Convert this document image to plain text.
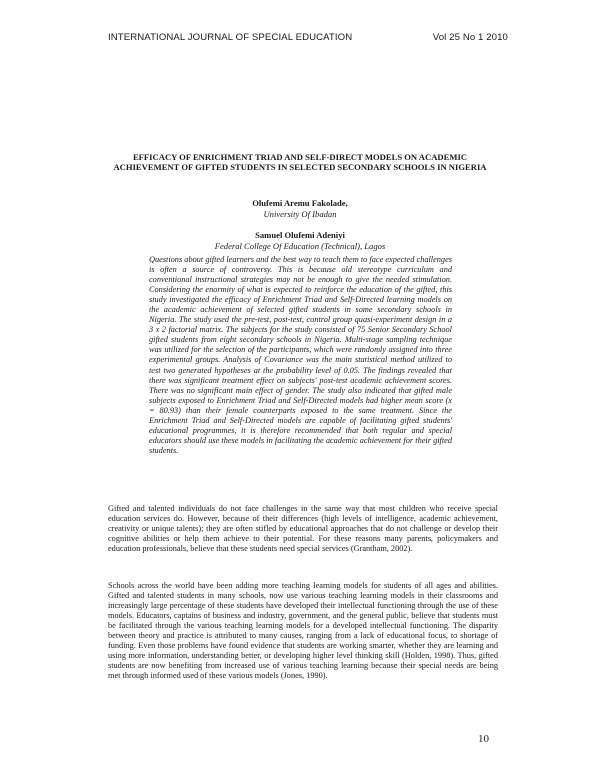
INTERNATIONAL JOURNAL OF SPECIAL EDUCATION	Vol 25 No 1 2010
EFFICACY OF ENRICHMENT TRIAD AND SELF-DIRECT MODELS ON ACADEMIC ACHIEVEMENT OF GIFTED STUDENTS IN SELECTED SECONDARY SCHOOLS IN NIGERIA
Olufemi Aremu Fakolade,
University Of Ibadan
Samuel Olufemi Adeniyi
Federal College Of Education (Technical), Lagos
Questions about gifted learners and the best way to teach them to face expected challenges is often a source of controversy. This is because old stereotype curriculum and conventional instructional strategies may not be enough to give the needed stimulation. Considering the enormity of what is expected to reinforce the education of the gifted, this study investigated the efficacy of Enrichment Triad and Self-Directed learning models on the academic achievement of selected gifted students in some secondary schools in Nigeria. The study used the pre-test, post-test, control group quasi-experiment design in a 3 x 2 factorial matrix. The subjects for the study consisted of 75 Senior Secondary School gifted students from eight secondary schools in Nigeria. Multi-stage sampling technique was utilized for the selection of the participants, which were randomly assigned into three experimental groups. Analysis of Covariance was the main statistical method utilized to test two generated hypotheses at the probability level of 0.05. The findings revealed that there was significant treatment effect on subjects' post-test academic achievement scores. There was no significant main effect of gender. The study also indicated that gifted male subjects exposed to Enrichment Triad and Self-Directed models had higher mean score (x = 80.93) than their female counterparts exposed to the same treatment. Since the Enrichment Triad and Self-Directed models are capable of facilitating gifted students' educational programmes, it is therefore recommended that both regular and special educators should use these models in facilitating the academic achievement for their gifted students.
Gifted and talented individuals do not face challenges in the same way that most children who receive special education services do. However, because of their differences (high levels of intelligence, academic achievement, creativity or unique talents); they are often stifled by educational approaches that do not challenge or develop their cognitive abilities or help them achieve to their potential. For these reasons many parents, policymakers and education professionals, believe that these students need special services (Grantham, 2002).
Schools across the world have been adding more teaching learning models for students of all ages and abilities. Gifted and talented students in many schools, now use various teaching learning models in their classrooms and increasingly large percentage of these students have developed their intellectual functioning through the use of these models. Educators, captains of business and industry, government, and the general public, believe that students must be facilitated through the various teaching learning models for a developed intellectual functioning. The disparity between theory and practice is attributed to many causes, ranging from a lack of educational focus, to shortage of funding. Even those problems have found evidence that students are working smarter, whether they are learning and using more information, understanding better, or developing higher level thinking skill (Holden, 1998). Thus, gifted students are now benefiting from increased use of various teaching learning because their special needs are being met through informed used of these various models (Jones, 1990).
10
